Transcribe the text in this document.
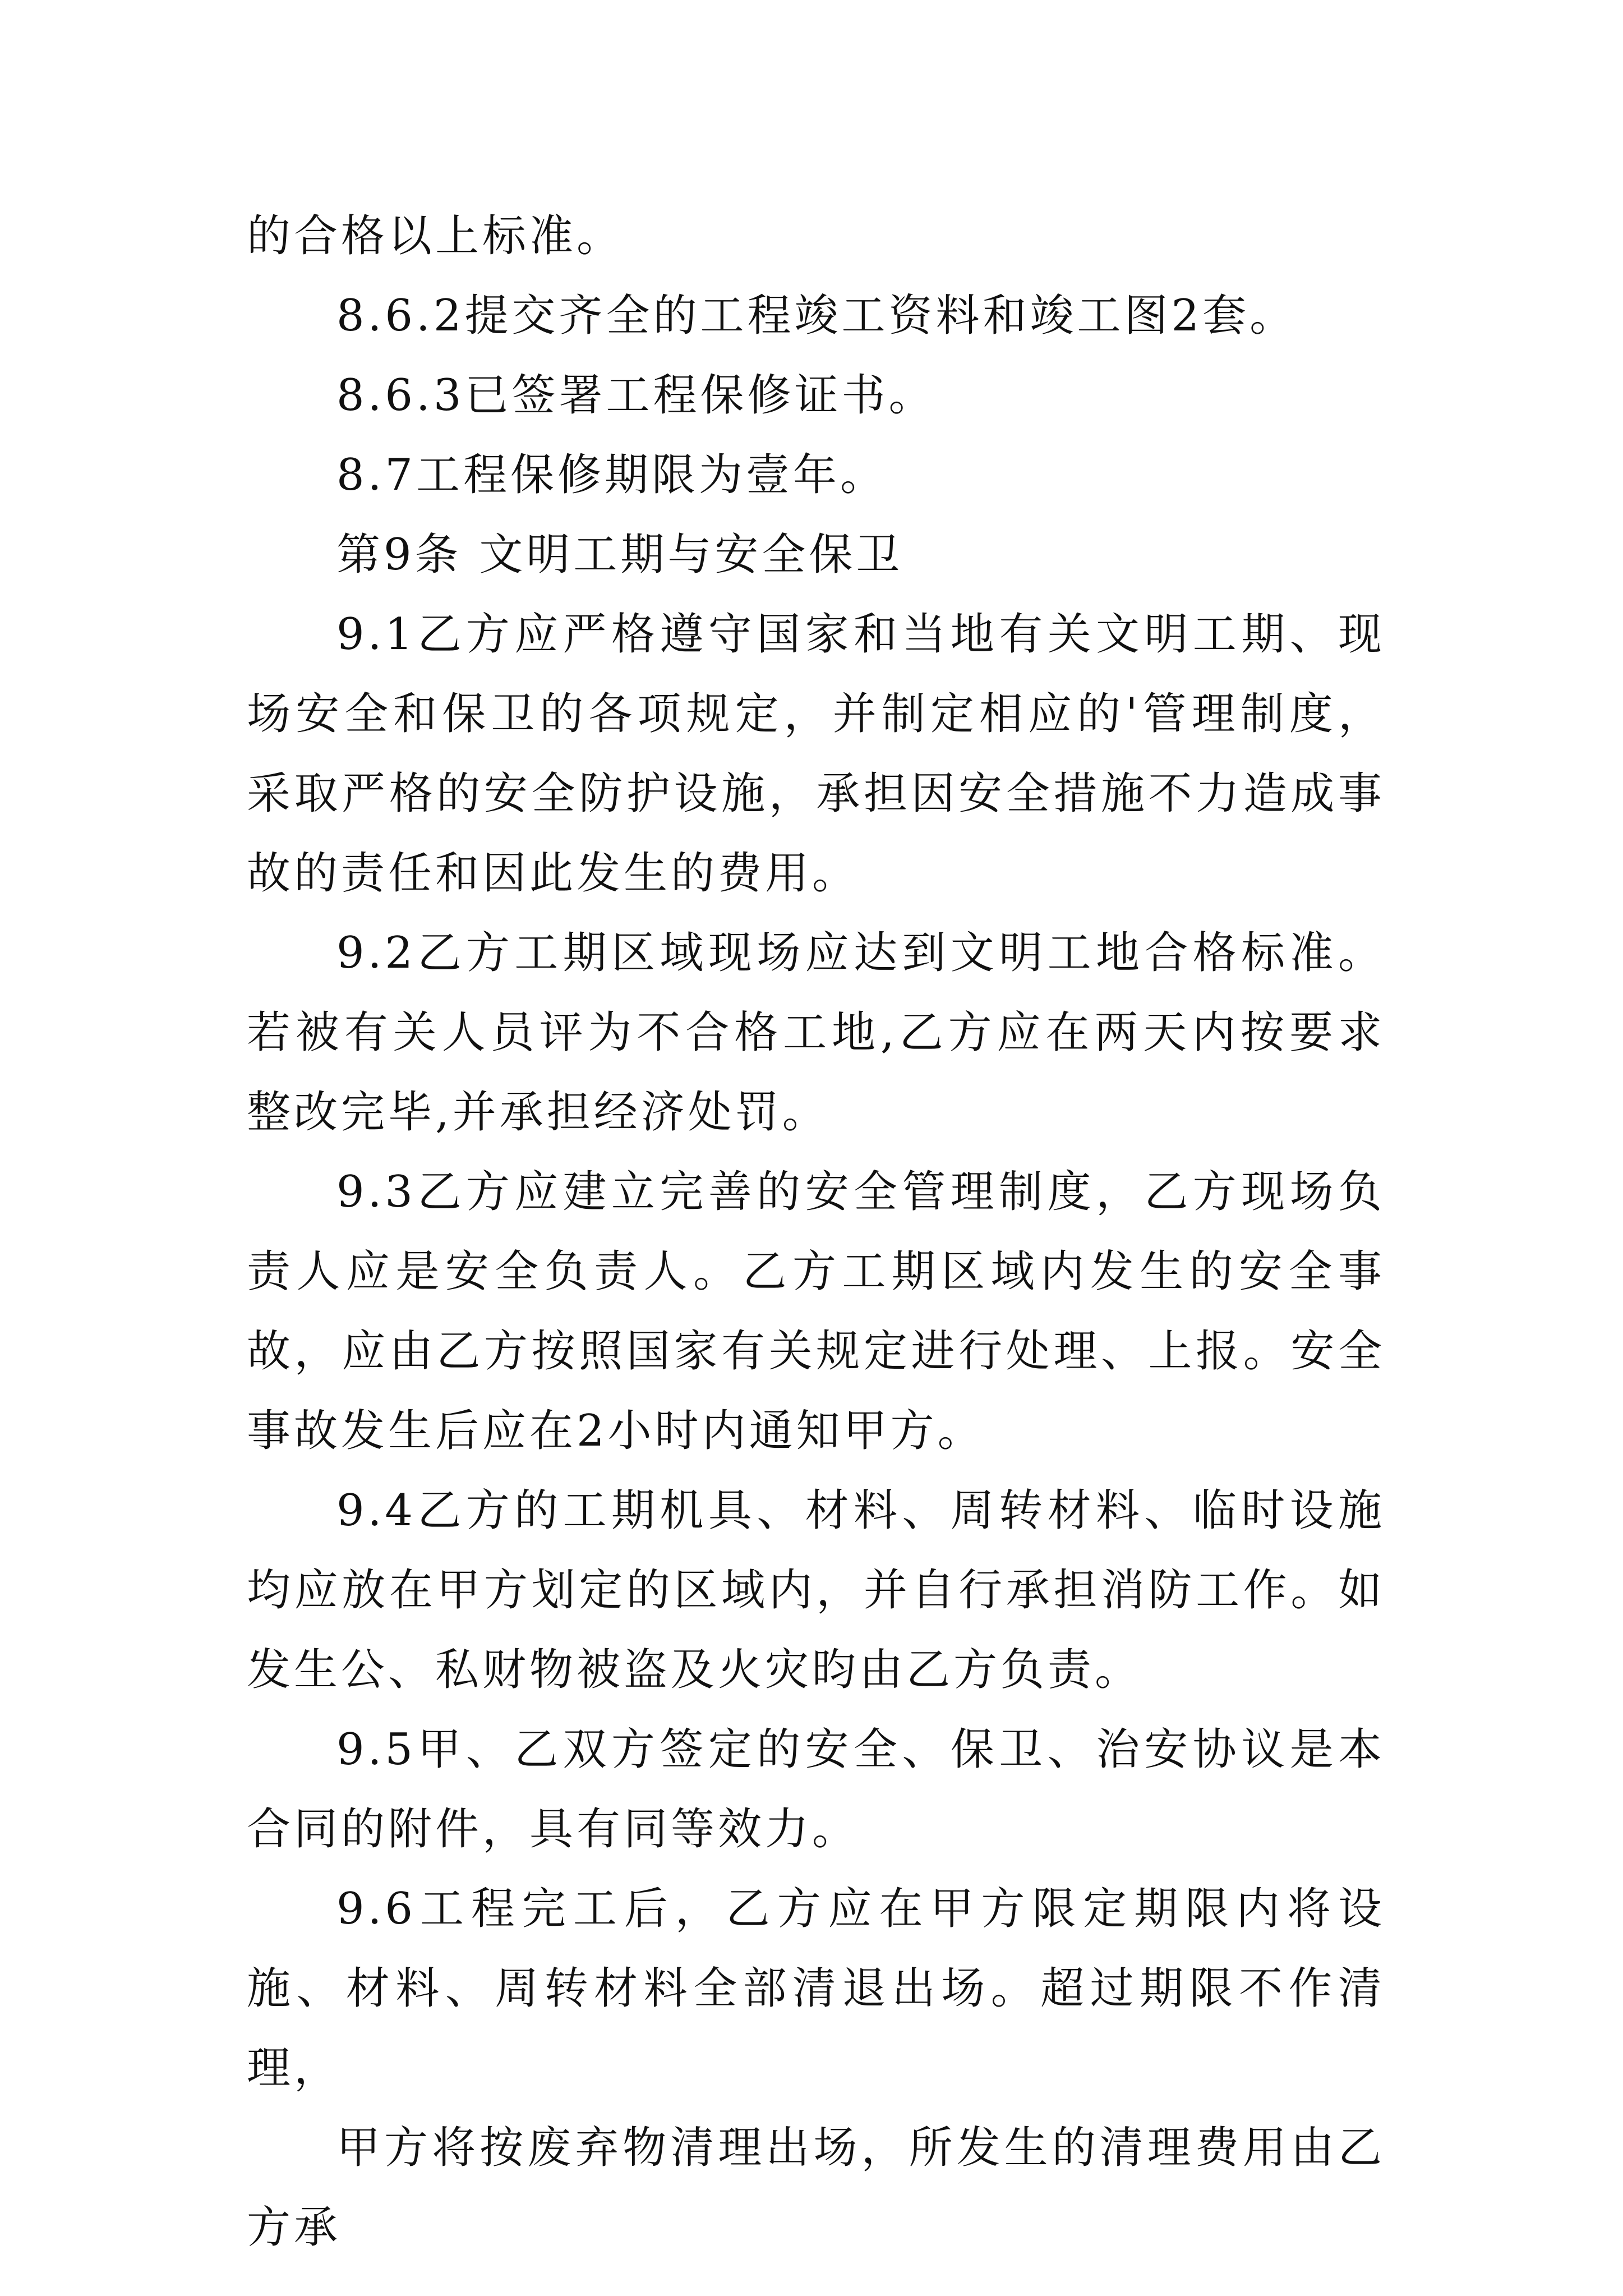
的合格以上标准。

8.6.2提交齐全的工程竣工资料和竣工图2套。

8.6.3已签署工程保修证书。

8.7工程保修期限为壹年。

第9条 文明工期与安全保卫

9.1乙方应严格遵守国家和当地有关文明工期、现场安全和保卫的各项规定，并制定相应的'管理制度，采取严格的安全防护设施，承担因安全措施不力造成事故的责任和因此发生的费用。

9.2乙方工期区域现场应达到文明工地合格标准。若被有关人员评为不合格工地,乙方应在两天内按要求整改完毕,并承担经济处罚。

9.3乙方应建立完善的安全管理制度，乙方现场负责人应是安全负责人。乙方工期区域内发生的安全事故，应由乙方按照国家有关规定进行处理、上报。安全事故发生后应在2小时内通知甲方。

9.4乙方的工期机具、材料、周转材料、临时设施均应放在甲方划定的区域内，并自行承担消防工作。如发生公、私财物被盗及火灾昀由乙方负责。

9.5甲、乙双方签定的安全、保卫、治安协议是本合同的附件，具有同等效力。

9.6工程完工后，乙方应在甲方限定期限内将设施、材料、周转材料全部清退出场。超过期限不作清理，

甲方将按废弃物清理出场，所发生的清理费用由乙方承
